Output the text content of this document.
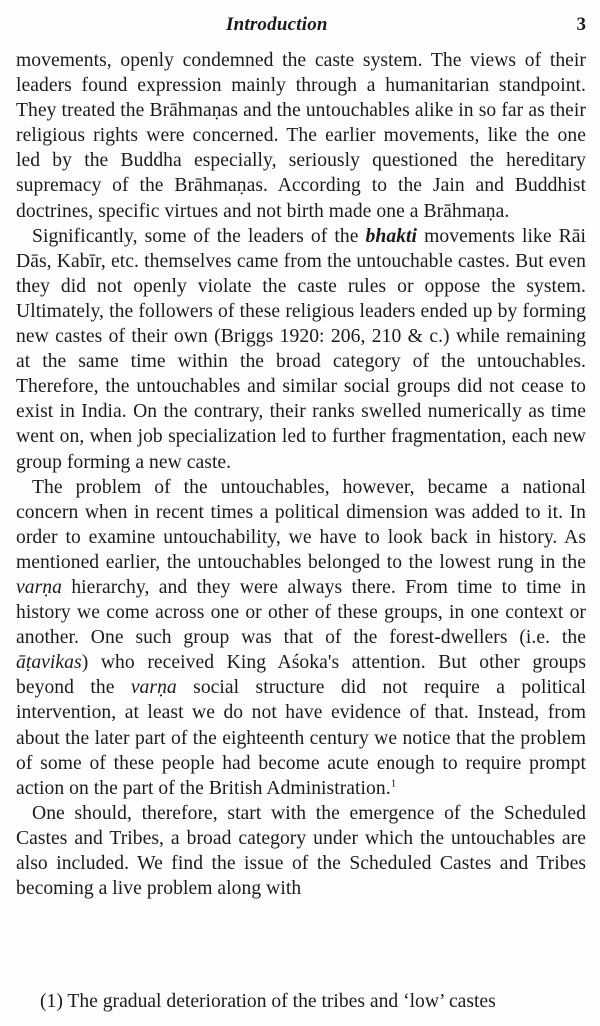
Introduction	3

movements, openly condemned the caste system. The views of their leaders found expression mainly through a humanitarian standpoint. They treated the Brāhmaṇas and the untouchables alike in so far as their religious rights were concerned. The earlier movements, like the one led by the Buddha especially, seriously questioned the hereditary supremacy of the Brāhmaṇas. According to the Jain and Buddhist doctrines, specific virtues and not birth made one a Brāhmaṇa.

Significantly, some of the leaders of the bhakti movements like Rāi Dās, Kabīr, etc. themselves came from the untouchable castes. But even they did not openly violate the caste rules or oppose the system. Ultimately, the followers of these religious leaders ended up by forming new castes of their own (Briggs 1920: 206, 210 & c.) while remaining at the same time within the broad category of the untouchables. Therefore, the untouchables and similar social groups did not cease to exist in India. On the contrary, their ranks swelled numerically as time went on, when job specialization led to further fragmentation, each new group forming a new caste.

The problem of the untouchables, however, became a national concern when in recent times a political dimension was added to it. In order to examine untouchability, we have to look back in history. As mentioned earlier, the untouchables belonged to the lowest rung in the varṇa hierarchy, and they were always there. From time to time in history we come across one or other of these groups, in one context or another. One such group was that of the forest-dwellers (i.e. the āṭavikas) who received King Aśoka's attention. But other groups beyond the varṇa social structure did not require a political intervention, at least we do not have evidence of that. Instead, from about the later part of the eighteenth century we notice that the problem of some of these people had become acute enough to require prompt action on the part of the British Administration.$^1$

One should, therefore, start with the emergence of the Scheduled Castes and Tribes, a broad category under which the untouchables are also included. We find the issue of the Scheduled Castes and Tribes becoming a live problem along with

(1) The gradual deterioration of the tribes and ‘low’ castes
